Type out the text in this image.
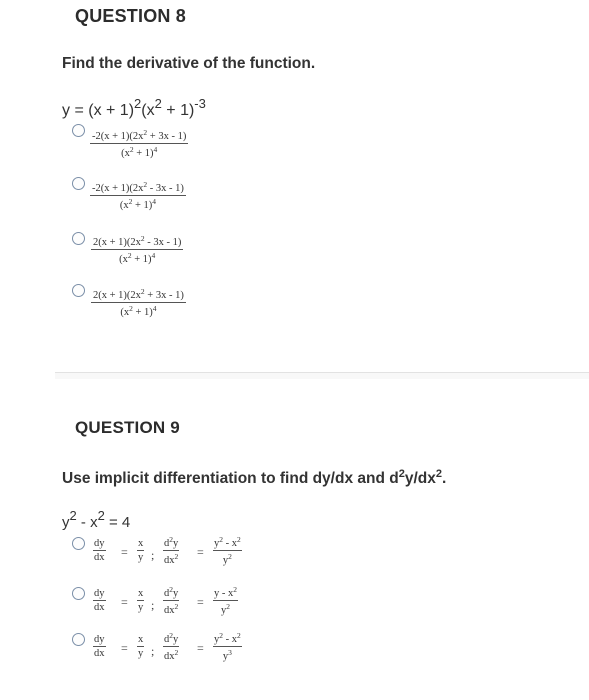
QUESTION 8
Find the derivative of the function.
$y = (x + 1)^2(x^2 + 1)^{-3}$
$\frac{-2(x + 1)(2x^2 + 3x - 1)}{(x^2 + 1)^4}$
$\frac{-2(x + 1)(2x^2 - 3x - 1)}{(x^2 + 1)^4}$
$\frac{2(x + 1)(2x^2 - 3x - 1)}{(x^2 + 1)^4}$
$\frac{2(x + 1)(2x^2 + 3x - 1)}{(x^2 + 1)^4}$
QUESTION 9
Use implicit differentiation to find dy/dx and $d^2y/dx^2$.
$y^2 - x^2 = 4$
$\frac{dy}{dx} = \frac{x}{y}$ ; $\frac{d^2y}{dx^2} = \frac{y^2 - x^2}{y^2}$
$\frac{dy}{dx} = \frac{x}{y}$ ; $\frac{d^2y}{dx^2} = \frac{y - x^2}{y^2}$
$\frac{dy}{dx} = \frac{x}{y}$ ; $\frac{d^2y}{dx^2} = \frac{y^2 - x^2}{y^3}$
